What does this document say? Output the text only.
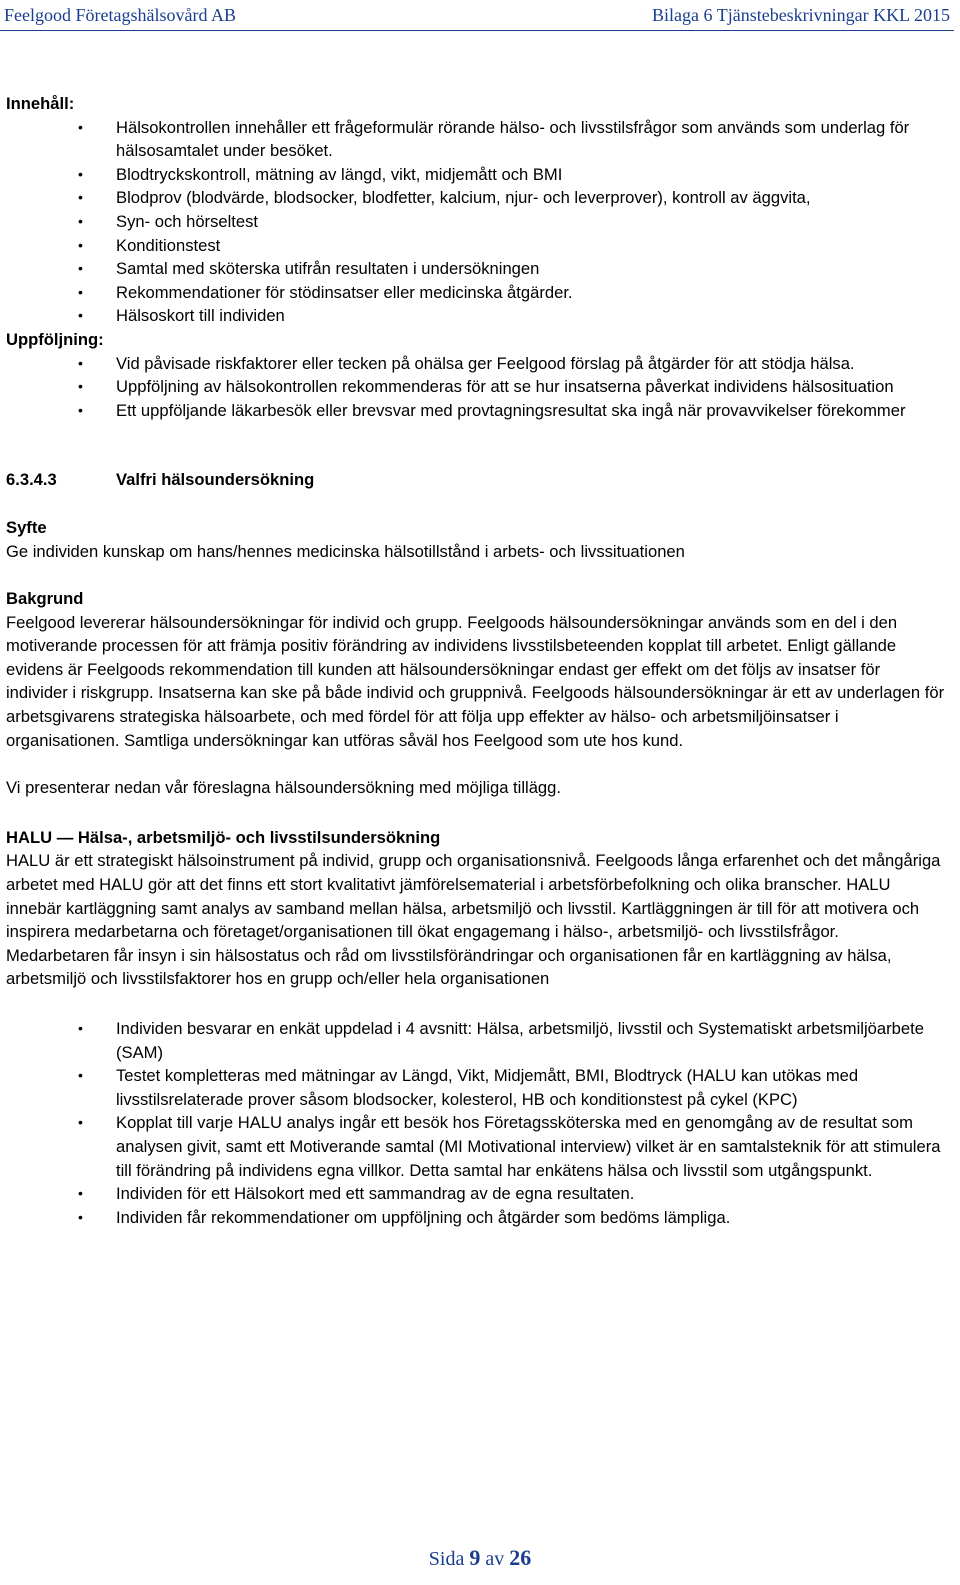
Feelgood Företagshälsovård AB	Bilaga 6 Tjänstebeskrivningar KKL 2015
Innehåll:
• Hälsokontrollen innehåller ett frågeformulär rörande hälso- och livsstilsfrågor som används som underlag för hälsosamtalet under besöket.
• Blodtryckskontroll, mätning av längd, vikt, midjemått och BMI
• Blodprov (blodvärde, blodsocker, blodfetter, kalcium, njur- och leverprover), kontroll av äggvita,
• Syn- och hörseltest
• Konditionstest
• Samtal med sköterska utifrån resultaten i undersökningen
• Rekommendationer för stödinsatser eller medicinska åtgärder.
• Hälsoskort till individen
Uppföljning:
• Vid påvisade riskfaktorer eller tecken på ohälsa ger Feelgood förslag på åtgärder för att stödja hälsa.
• Uppföljning av hälsokontrollen rekommenderas för att se hur insatserna påverkat individens hälsosituation
• Ett uppföljande läkarbesök eller brevsvar med provtagningsresultat ska ingå när provavvikelser förekommer
6.3.4.3	Valfri hälsoundersökning
Syfte

Ge individen kunskap om hans/hennes medicinska hälsotillstånd i arbets- och livssituationen

Bakgrund

Feelgood levererar hälsoundersökningar för individ och grupp. Feelgoods hälsoundersökningar används som en del i den motiverande processen för att främja positiv förändring av individens livsstilsbeteenden kopplat till arbetet. Enligt gällande evidens är Feelgoods rekommendation till kunden att hälsoundersökningar endast ger effekt om det följs av insatser för individer i riskgrupp. Insatserna kan ske på både individ och gruppnivå. Feelgoods hälsoundersökningar är ett av underlagen för arbetsgivarens strategiska hälsoarbete, och med fördel för att följa upp effekter av hälso- och arbetsmiljöinsatser i organisationen. Samtliga undersökningar kan utföras såväl hos Feelgood som ute hos kund.

Vi presenterar nedan vår föreslagna hälsoundersökning med möjliga tillägg.

HALU — Hälsa-, arbetsmiljö- och livsstilsundersökning

HALU är ett strategiskt hälsoinstrument på individ, grupp och organisationsnivå. Feelgoods långa erfarenhet och det mångåriga arbetet med HALU gör att det finns ett stort kvalitativt jämförelsematerial i arbetsförbefolkning och olika branscher. HALU innebär kartläggning samt analys av samband mellan hälsa, arbetsmiljö och livsstil. Kartläggningen är till för att motivera och inspirera medarbetarna och företaget/organisationen till ökat engagemang i hälso-, arbetsmiljö- och livsstilsfrågor. Medarbetaren får insyn i sin hälsostatus och råd om livsstilsförändringar och organisationen får en kartläggning av hälsa, arbetsmiljö och livsstilsfaktorer hos en grupp och/eller hela organisationen

• Individen besvarar en enkät uppdelad i 4 avsnitt: Hälsa, arbetsmiljö, livsstil och Systematiskt arbetsmiljöarbete (SAM)
• Testet kompletteras med mätningar av Längd, Vikt, Midjemått, BMI, Blodtryck (HALU kan utökas med livsstilsrelaterade prover såsom blodsocker, kolesterol, HB och konditionstest på cykel (KPC)
• Kopplat till varje HALU analys ingår ett besök hos Företagssköterska med en genomgång av de resultat som analysen givit, samt ett Motiverande samtal (MI Motivational interview) vilket är en samtalsteknik för att stimulera till förändring på individens egna villkor. Detta samtal har enkätens hälsa och livsstil som utgångspunkt.
• Individen för ett Hälsokort med ett sammandrag av de egna resultaten.
• Individen får rekommendationer om uppföljning och åtgärder som bedöms lämpliga.
Sida 9 av 26
